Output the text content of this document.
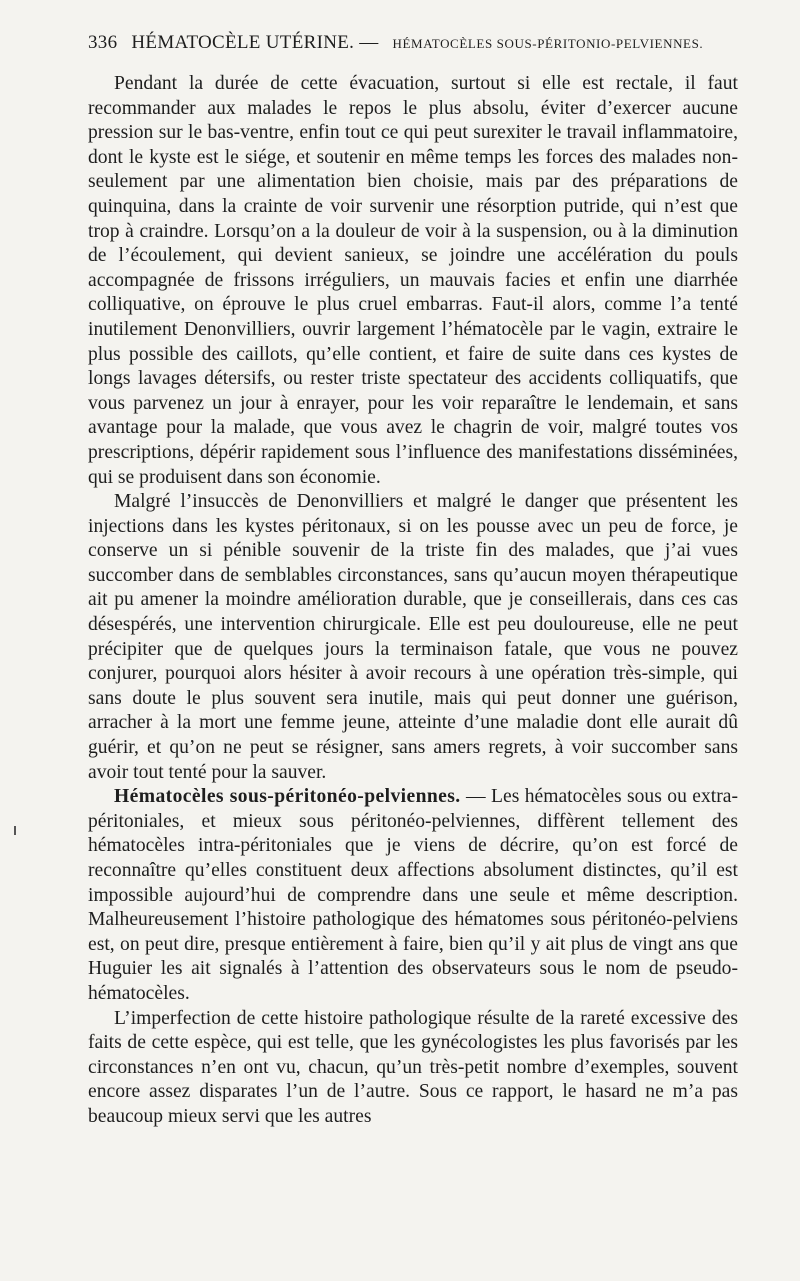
336 HÉMATOCÈLE UTÉRINE. — HÉMATOCÈLES SOUS-PÉRITONIO-PELVIENNES.

Pendant la durée de cette évacuation, surtout si elle est rectale, il faut recommander aux malades le repos le plus absolu, éviter d’exercer aucune pression sur le bas-ventre, enfin tout ce qui peut surexiter le travail inflammatoire, dont le kyste est le siége, et soutenir en même temps les forces des malades non-seulement par une alimentation bien choisie, mais par des préparations de quinquina, dans la crainte de voir survenir une résorption putride, qui n’est que trop à craindre. Lorsqu’on a la douleur de voir à la suspension, ou à la diminution de l’écoulement, qui devient sanieux, se joindre une accélération du pouls accompagnée de frissons irréguliers, un mauvais facies et enfin une diarrhée colliquative, on éprouve le plus cruel embarras. Faut-il alors, comme l’a tenté inutilement Denonvilliers, ouvrir largement l’hématocèle par le vagin, extraire le plus possible des caillots, qu’elle contient, et faire de suite dans ces kystes de longs lavages détersifs, ou rester triste spectateur des accidents colliquatifs, que vous parvenez un jour à enrayer, pour les voir reparaître le lendemain, et sans avantage pour la malade, que vous avez le chagrin de voir, malgré toutes vos prescriptions, dépérir rapidement sous l’influence des manifestations disséminées, qui se produisent dans son économie.

Malgré l’insuccès de Denonvilliers et malgré le danger que présentent les injections dans les kystes péritonaux, si on les pousse avec un peu de force, je conserve un si pénible souvenir de la triste fin des malades, que j’ai vues succomber dans de semblables circonstances, sans qu’aucun moyen thérapeutique ait pu amener la moindre amélioration durable, que je conseillerais, dans ces cas désespérés, une intervention chirurgicale. Elle est peu douloureuse, elle ne peut précipiter que de quelques jours la terminaison fatale, que vous ne pouvez conjurer, pourquoi alors hésiter à avoir recours à une opération très-simple, qui sans doute le plus souvent sera inutile, mais qui peut donner une guérison, arracher à la mort une femme jeune, atteinte d’une maladie dont elle aurait dû guérir, et qu’on ne peut se résigner, sans amers regrets, à voir succomber sans avoir tout tenté pour la sauver.

Hématocèles sous-péritonéo-pelviennes. — Les hématocèles sous ou extra-péritoniales, et mieux sous péritonéo-pelviennes, diffèrent tellement des hématocèles intra-péritoniales que je viens de décrire, qu’on est forcé de reconnaître qu’elles constituent deux affections absolument distinctes, qu’il est impossible aujourd’hui de comprendre dans une seule et même description. Malheureusement l’histoire pathologique des hématomes sous péritonéo-pelviens est, on peut dire, presque entièrement à faire, bien qu’il y ait plus de vingt ans que Huguier les ait signalés à l’attention des observateurs sous le nom de pseudo-hématocèles.

L’imperfection de cette histoire pathologique résulte de la rareté excessive des faits de cette espèce, qui est telle, que les gynécologistes les plus favorisés par les circonstances n’en ont vu, chacun, qu’un très-petit nombre d’exemples, souvent encore assez disparates l’un de l’autre. Sous ce rapport, le hasard ne m’a pas beaucoup mieux servi que les autres
